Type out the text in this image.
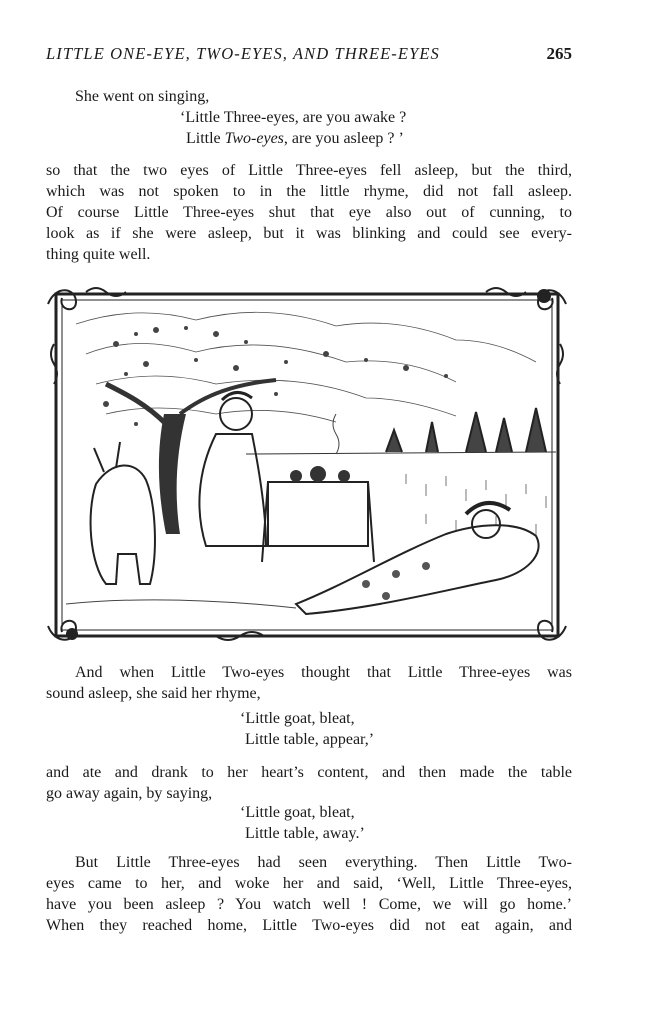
LITTLE ONE-EYE, TWO-EYES, AND THREE-EYES	265
She went on singing,
‘Little Three-eyes, are you awake ?
Little Two-eyes, are you asleep ? ’
so that the two eyes of Little Three-eyes fell asleep, but the third,
which was not spoken to in the little rhyme, did not fall asleep.
Of course Little Three-eyes shut that eye also out of cunning, to
look as if she were asleep, but it was blinking and could see every-
thing quite well.
And when Little Two-eyes thought that Little Three-eyes was
sound asleep, she said her rhyme,
‘Little goat, bleat,
Little table, appear,’
and ate and drank to her heart’s content, and then made the table
go away again, by saying,
‘Little goat, bleat,
Little table, away.’
But Little Three-eyes had seen everything. Then Little Two-
eyes came to her, and woke her and said, ‘Well, Little Three-eyes,
have you been asleep ? You watch well ! Come, we will go home.’
When they reached home, Little Two-eyes did not eat again, and
